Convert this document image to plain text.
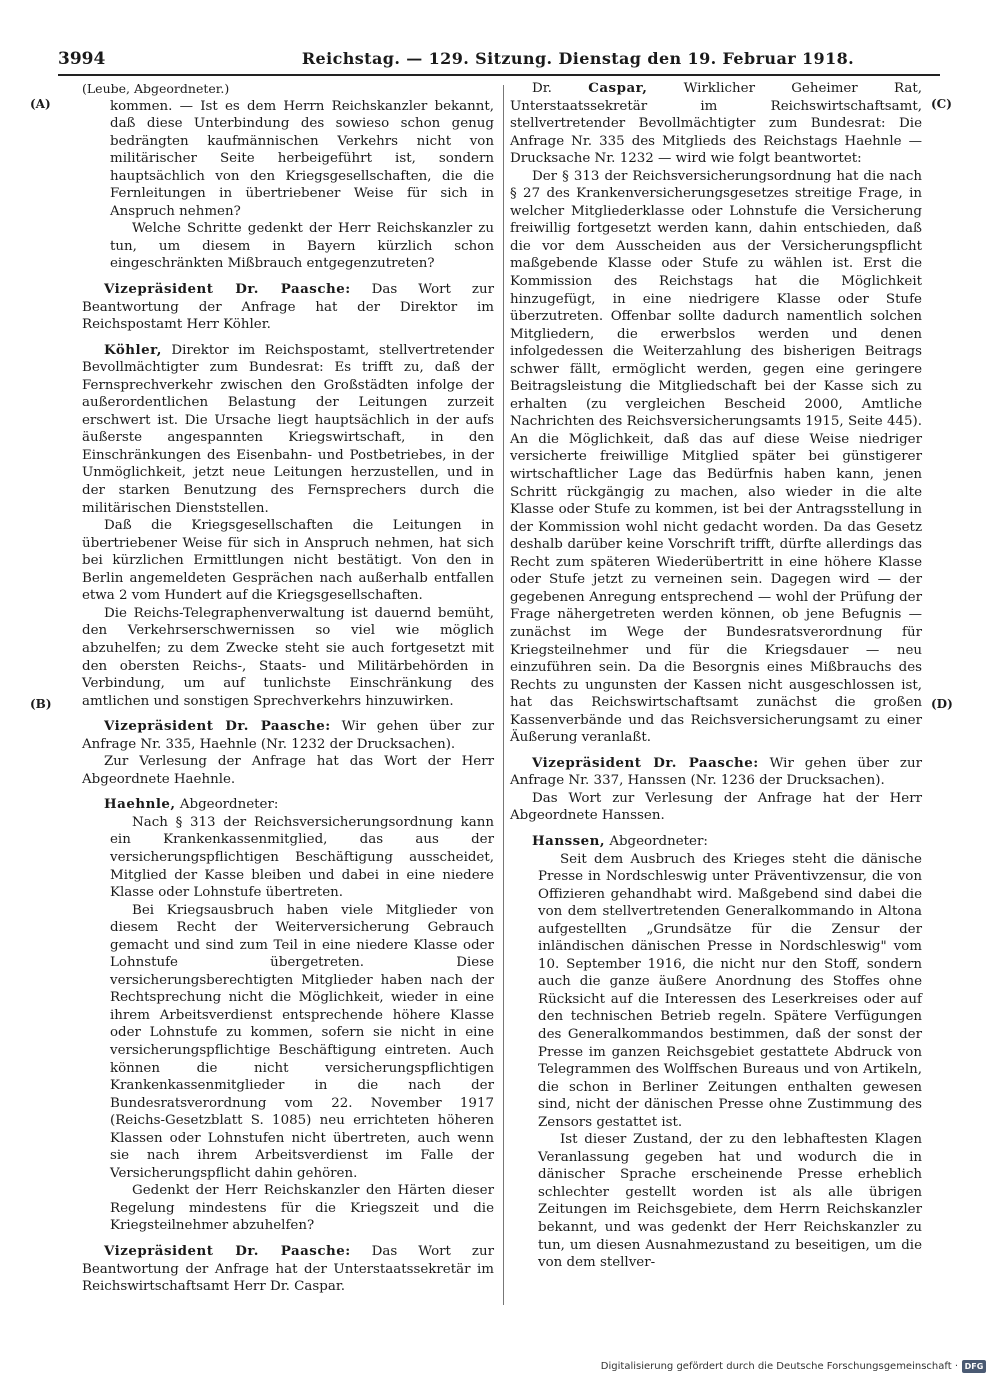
3994	Reichstag. — 129. Sitzung. Dienstag den 19. Februar 1918.
(A)
(B)
(C)
(D)

(Leube, Abgeordneter.)

kommen. — Ist es dem Herrn Reichskanzler bekannt, daß diese Unterbindung des sowieso schon genug bedrängten kaufmännischen Verkehrs nicht von militärischer Seite herbeigeführt ist, sondern hauptsächlich von den Kriegsgesellschaften, die die Fernleitungen in übertriebener Weise für sich in Anspruch nehmen?

Welche Schritte gedenkt der Herr Reichskanzler zu tun, um diesem in Bayern kürzlich schon eingeschränkten Mißbrauch entgegenzutreten?

Vizepräsident Dr. Paasche: Das Wort zur Beantwortung der Anfrage hat der Direktor im Reichspostamt Herr Köhler.

Köhler, Direktor im Reichspostamt, stellvertretender Bevollmächtigter zum Bundesrat: Es trifft zu, daß der Fernsprechverkehr zwischen den Großstädten infolge der außerordentlichen Belastung der Leitungen zurzeit erschwert ist. Die Ursache liegt hauptsächlich in der aufs äußerste angespannten Kriegswirtschaft, in den Einschränkungen des Eisenbahn- und Postbetriebes, in der Unmöglichkeit, jetzt neue Leitungen herzustellen, und in der starken Benutzung des Fernsprechers durch die militärischen Dienststellen.

Daß die Kriegsgesellschaften die Leitungen in übertriebener Weise für sich in Anspruch nehmen, hat sich bei kürzlichen Ermittlungen nicht bestätigt. Von den in Berlin angemeldeten Gesprächen nach außerhalb entfallen etwa 2 vom Hundert auf die Kriegsgesellschaften.

Die Reichs-Telegraphenverwaltung ist dauernd bemüht, den Verkehrserschwernissen so viel wie möglich abzuhelfen; zu dem Zwecke steht sie auch fortgesetzt mit den obersten Reichs-, Staats- und Militärbehörden in Verbindung, um auf tunlichste Einschränkung des amtlichen und sonstigen Sprechverkehrs hinzuwirken.

Vizepräsident Dr. Paasche: Wir gehen über zur Anfrage Nr. 335, Haehnle (Nr. 1232 der Drucksachen).

Zur Verlesung der Anfrage hat das Wort der Herr Abgeordnete Haehnle.

Haehnle, Abgeordneter:

Nach § 313 der Reichsversicherungsordnung kann ein Krankenkassenmitglied, das aus der versicherungspflichtigen Beschäftigung ausscheidet, Mitglied der Kasse bleiben und dabei in eine niedere Klasse oder Lohnstufe übertreten.

Bei Kriegsausbruch haben viele Mitglieder von diesem Recht der Weiterversicherung Gebrauch gemacht und sind zum Teil in eine niedere Klasse oder Lohnstufe übergetreten. Diese versicherungsberechtigten Mitglieder haben nach der Rechtsprechung nicht die Möglichkeit, wieder in eine ihrem Arbeitsverdienst entsprechende höhere Klasse oder Lohnstufe zu kommen, sofern sie nicht in eine versicherungspflichtige Beschäftigung eintreten. Auch können die nicht versicherungspflichtigen Krankenkassenmitglieder in die nach der Bundesratsverordnung vom 22. November 1917 (Reichs-Gesetzblatt S. 1085) neu errichteten höheren Klassen oder Lohnstufen nicht übertreten, auch wenn sie nach ihrem Arbeitsverdienst im Falle der Versicherungspflicht dahin gehören.

Gedenkt der Herr Reichskanzler den Härten dieser Regelung mindestens für die Kriegszeit und die Kriegsteilnehmer abzuhelfen?

Vizepräsident Dr. Paasche: Das Wort zur Beantwortung der Anfrage hat der Unterstaatssekretär im Reichswirtschaftsamt Herr Dr. Caspar.

Dr. Caspar, Wirklicher Geheimer Rat, Unterstaatssekretär im Reichswirtschaftsamt, stellvertretender Bevollmächtigter zum Bundesrat: Die Anfrage Nr. 335 des Mitglieds des Reichstags Haehnle — Drucksache Nr. 1232 — wird wie folgt beantwortet:

Der § 313 der Reichsversicherungsordnung hat die nach § 27 des Krankenversicherungsgesetzes streitige Frage, in welcher Mitgliederklasse oder Lohnstufe die Versicherung freiwillig fortgesetzt werden kann, dahin entschieden, daß die vor dem Ausscheiden aus der Versicherungspflicht maßgebende Klasse oder Stufe zu wählen ist. Erst die Kommission des Reichstags hat die Möglichkeit hinzugefügt, in eine niedrigere Klasse oder Stufe überzutreten. Offenbar sollte dadurch namentlich solchen Mitgliedern, die erwerbslos werden und denen infolgedessen die Weiterzahlung des bisherigen Beitrags schwer fällt, ermöglicht werden, gegen eine geringere Beitragsleistung die Mitgliedschaft bei der Kasse sich zu erhalten (zu vergleichen Bescheid 2000, Amtliche Nachrichten des Reichsversicherungsamts 1915, Seite 445). An die Möglichkeit, daß das auf diese Weise niedriger versicherte freiwillige Mitglied später bei günstigerer wirtschaftlicher Lage das Bedürfnis haben kann, jenen Schritt rückgängig zu machen, also wieder in die alte Klasse oder Stufe zu kommen, ist bei der Antragsstellung in der Kommission wohl nicht gedacht worden. Da das Gesetz deshalb darüber keine Vorschrift trifft, dürfte allerdings das Recht zum späteren Wiederübertritt in eine höhere Klasse oder Stufe jetzt zu verneinen sein. Dagegen wird — der gegebenen Anregung entsprechend — wohl der Prüfung der Frage nähergetreten werden können, ob jene Befugnis — zunächst im Wege der Bundesratsverordnung für Kriegsteilnehmer und für die Kriegsdauer — neu einzuführen sein. Da die Besorgnis eines Mißbrauchs des Rechts zu ungunsten der Kassen nicht ausgeschlossen ist, hat das Reichswirtschaftsamt zunächst die großen Kassenverbände und das Reichsversicherungsamt zu einer Äußerung veranlaßt.

Vizepräsident Dr. Paasche: Wir gehen über zur Anfrage Nr. 337, Hanssen (Nr. 1236 der Drucksachen).

Das Wort zur Verlesung der Anfrage hat der Herr Abgeordnete Hanssen.

Hanssen, Abgeordneter:

Seit dem Ausbruch des Krieges steht die dänische Presse in Nordschleswig unter Präventivzensur, die von Offizieren gehandhabt wird. Maßgebend sind dabei die von dem stellvertretenden Generalkommando in Altona aufgestellten „Grundsätze für die Zensur der inländischen dänischen Presse in Nordschleswig" vom 10. September 1916, die nicht nur den Stoff, sondern auch die ganze äußere Anordnung des Stoffes ohne Rücksicht auf die Interessen des Leserkreises oder auf den technischen Betrieb regeln. Spätere Verfügungen des Generalkommandos bestimmen, daß der sonst der Presse im ganzen Reichsgebiet gestattete Abdruck von Telegrammen des Wolffschen Bureaus und von Artikeln, die schon in Berliner Zeitungen enthalten gewesen sind, nicht der dänischen Presse ohne Zustimmung des Zensors gestattet ist.

Ist dieser Zustand, der zu den lebhaftesten Klagen Veranlassung gegeben hat und wodurch die in dänischer Sprache erscheinende Presse erheblich schlechter gestellt worden ist als alle übrigen Zeitungen im Reichsgebiete, dem Herrn Reichskanzler bekannt, und was gedenkt der Herr Reichskanzler zu tun, um diesen Ausnahmezustand zu beseitigen, um die von dem stellver-

Digitalisierung gefördert durch die Deutsche Forschungsgemeinschaft · DFG
